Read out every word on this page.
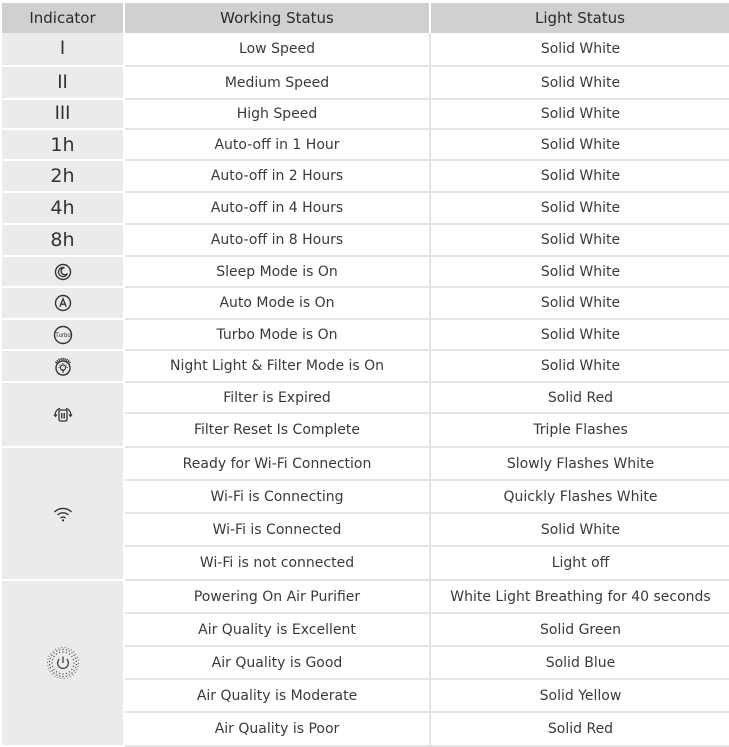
Indicator	Working Status	Light Status
I	Low Speed	Solid White
II	Medium Speed	Solid White
III	High Speed	Solid White
1h	Auto-off in 1 Hour	Solid White
2h	Auto-off in 2 Hours	Solid White
4h	Auto-off in 4 Hours	Solid White
8h	Auto-off in 8 Hours	Solid White

	Sleep Mode is On	Solid White

	Auto Mode is On	Solid White

Turbo	Turbo Mode is On	Solid White

	Night Light & Filter Mode is On	Solid White

	Filter is Expired	Solid Red
	Filter Reset Is Complete	Triple Flashes

	Ready for Wi-Fi Connection	Slowly Flashes White
	Wi-Fi is Connecting	Quickly Flashes White
	Wi-Fi is Connected	Solid White
	Wi-Fi is not connected	Light off

	Powering On Air Purifier	White Light Breathing for 40 seconds
	Air Quality is Excellent	Solid Green
	Air Quality is Good	Solid Blue
	Air Quality is Moderate	Solid Yellow
	Air Quality is Poor	Solid Red
